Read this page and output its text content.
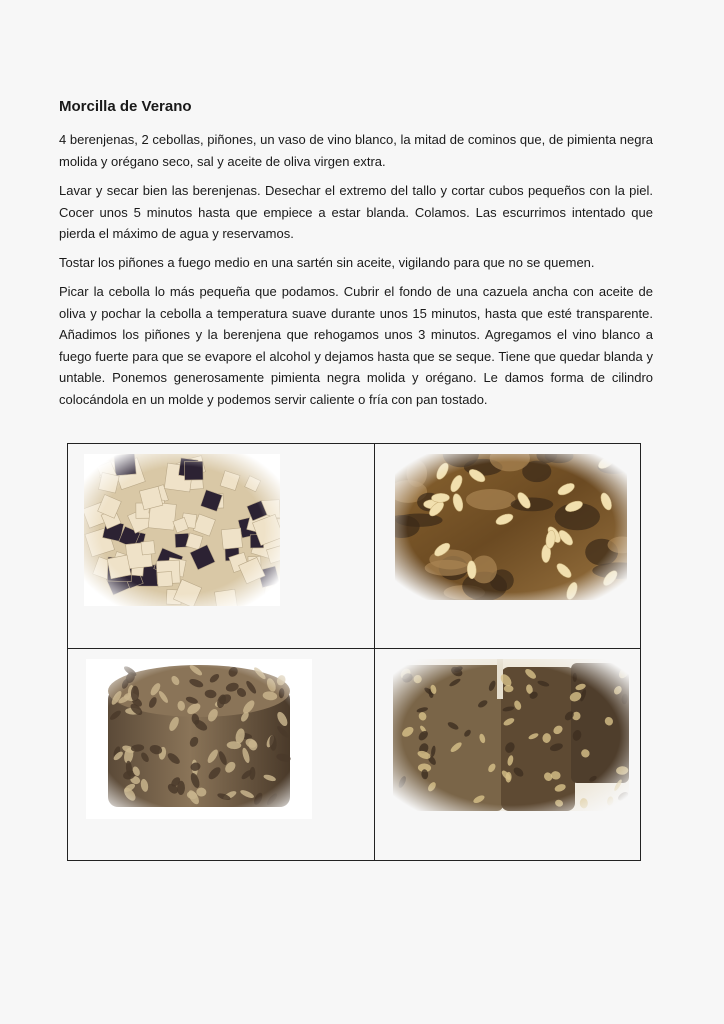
Morcilla de Verano

4 berenjenas, 2 cebollas, piñones, un vaso de vino blanco, la mitad de cominos que, de pimienta negra molida y orégano seco, sal y aceite de oliva virgen extra.

Lavar y secar bien las berenjenas. Desechar el extremo del tallo y cortar cubos pequeños con la piel. Cocer unos 5 minutos hasta que empiece a estar blanda. Colamos. Las escurrimos intentado que pierda el máximo de agua y reservamos.

Tostar los piñones a fuego medio en una sartén sin aceite, vigilando para que no se quemen.

Picar la cebolla lo más pequeña que podamos. Cubrir el fondo de una cazuela ancha con aceite de oliva y pochar la cebolla a temperatura suave durante unos 15 minutos, hasta que esté transparente. Añadimos los piñones y la berenjena que rehogamos unos 3 minutos. Agregamos el vino blanco a fuego fuerte para que se evapore el alcohol y dejamos hasta que se seque. Tiene que quedar blanda y untable. Ponemos generosamente pimienta negra molida y orégano. Le damos forma de cilindro colocándola en un molde y podemos servir caliente o fría con pan tostado.
